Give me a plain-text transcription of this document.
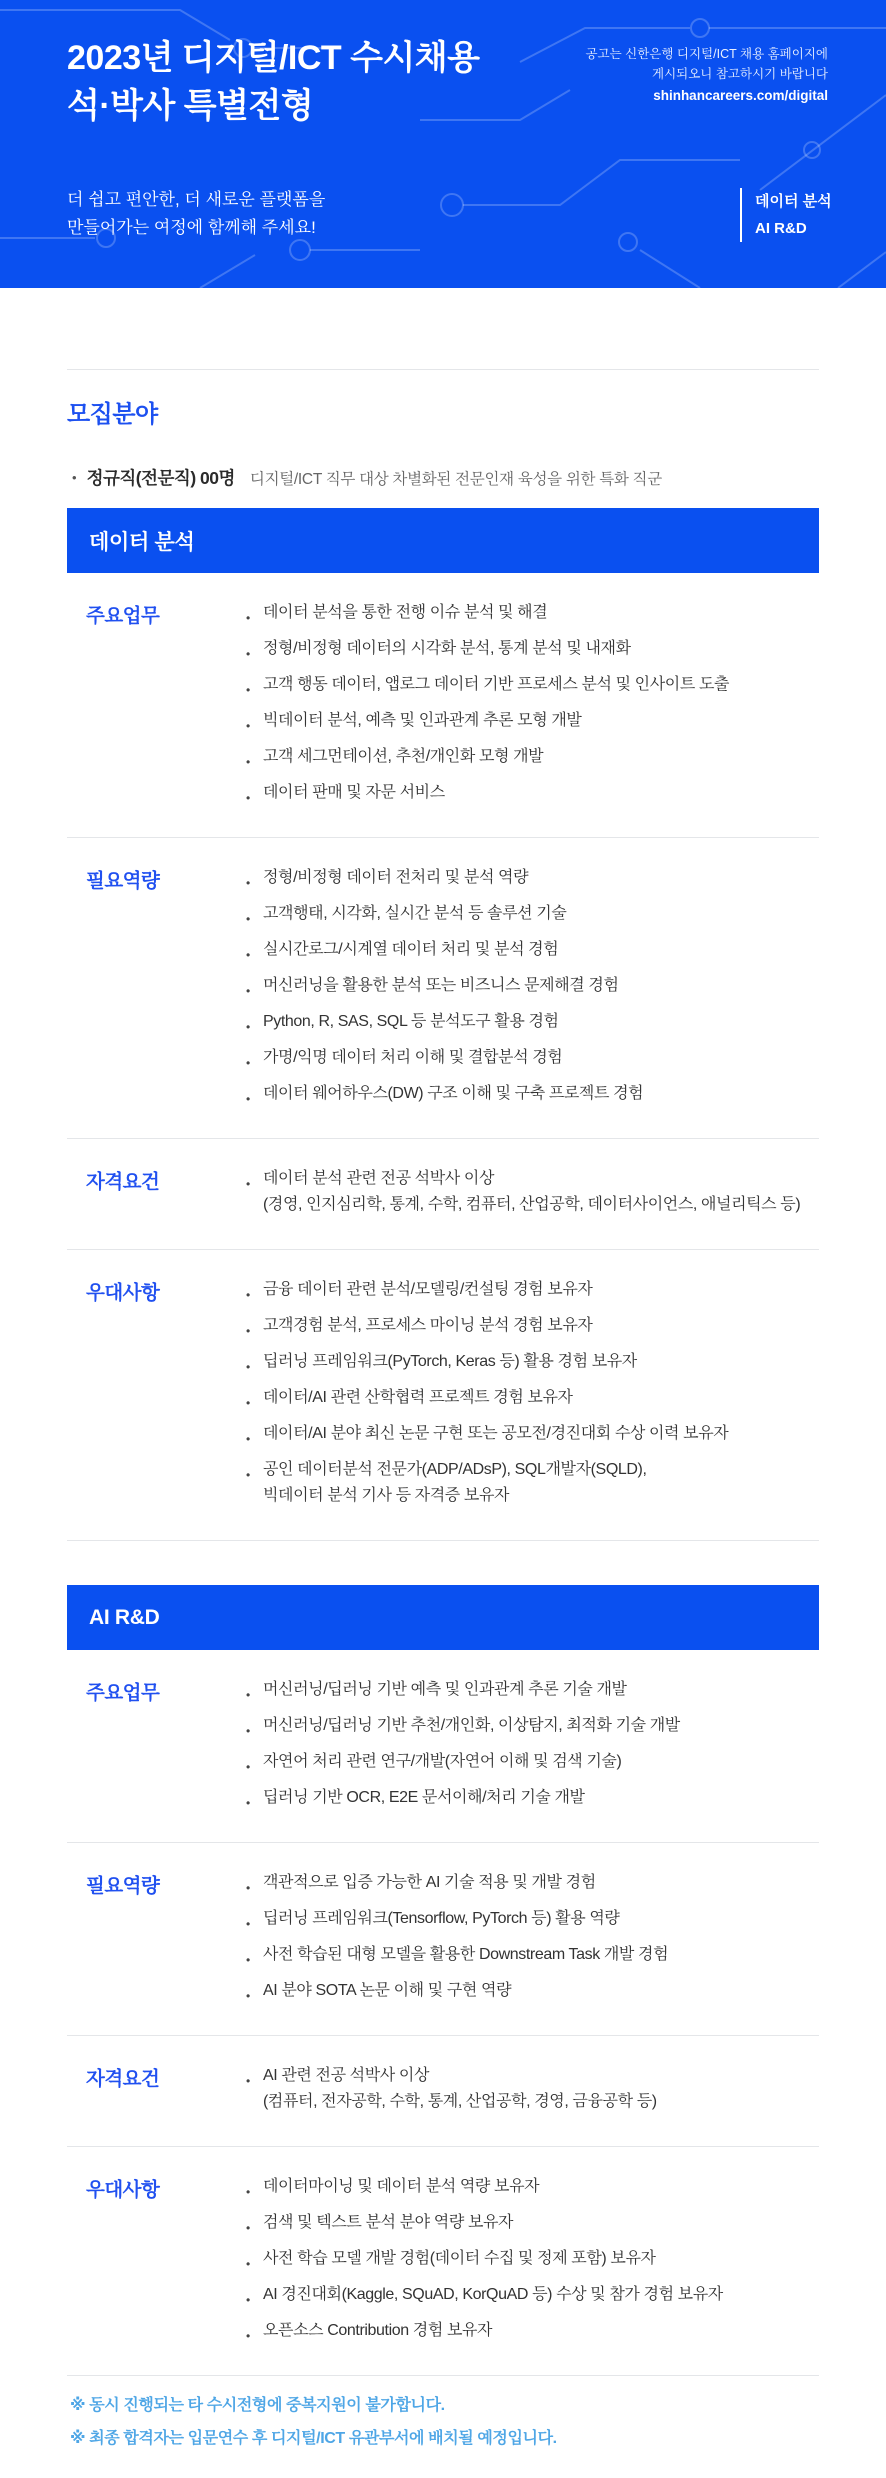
2023년 디지털/ICT 수시채용
석·박사 특별전형
공고는 신한은행 디지털/ICT 채용 홈페이지에
게시되오니 참고하시기 바랍니다
shinhancareers.com/digital
더 쉽고 편안한, 더 새로운 플랫폼을
만들어가는 여정에 함께해 주세요!
데이터 분석
AI R&D
모집분야
• 정규직(전문직) 00명 디지털/ICT 직무 대상 차별화된 전문인재 육성을 위한 특화 직군
데이터 분석
주요업무	• 데이터 분석을 통한 전행 이슈 분석 및 해결
• 정형/비정형 데이터의 시각화 분석, 통계 분석 및 내재화
• 고객 행동 데이터, 앱로그 데이터 기반 프로세스 분석 및 인사이트 도출
• 빅데이터 분석, 예측 및 인과관계 추론 모형 개발
• 고객 세그먼테이션, 추천/개인화 모형 개발
• 데이터 판매 및 자문 서비스
필요역량	• 정형/비정형 데이터 전처리 및 분석 역량
• 고객행태, 시각화, 실시간 분석 등 솔루션 기술
• 실시간로그/시계열 데이터 처리 및 분석 경험
• 머신러닝을 활용한 분석 또는 비즈니스 문제해결 경험
• Python, R, SAS, SQL 등 분석도구 활용 경험
• 가명/익명 데이터 처리 이해 및 결합분석 경험
• 데이터 웨어하우스(DW) 구조 이해 및 구축 프로젝트 경험
자격요건	• 데이터 분석 관련 전공 석박사 이상
(경영, 인지심리학, 통계, 수학, 컴퓨터, 산업공학, 데이터사이언스, 애널리틱스 등)
우대사항	• 금융 데이터 관련 분석/모델링/컨설팅 경험 보유자
• 고객경험 분석, 프로세스 마이닝 분석 경험 보유자
• 딥러닝 프레임워크(PyTorch, Keras 등) 활용 경험 보유자
• 데이터/AI 관련 산학협력 프로젝트 경험 보유자
• 데이터/AI 분야 최신 논문 구현 또는 공모전/경진대회 수상 이력 보유자
• 공인 데이터분석 전문가(ADP/ADsP), SQL개발자(SQLD),
빅데이터 분석 기사 등 자격증 보유자
AI R&D
주요업무	• 머신러닝/딥러닝 기반 예측 및 인과관계 추론 기술 개발
• 머신러닝/딥러닝 기반 추천/개인화, 이상탐지, 최적화 기술 개발
• 자연어 처리 관련 연구/개발(자연어 이해 및 검색 기술)
• 딥러닝 기반 OCR, E2E 문서이해/처리 기술 개발
필요역량	• 객관적으로 입증 가능한 AI 기술 적용 및 개발 경험
• 딥러닝 프레임워크(Tensorflow, PyTorch 등) 활용 역량
• 사전 학습된 대형 모델을 활용한 Downstream Task 개발 경험
• AI 분야 SOTA 논문 이해 및 구현 역량
자격요건	• AI 관련 전공 석박사 이상
(컴퓨터, 전자공학, 수학, 통계, 산업공학, 경영, 금융공학 등)
우대사항	• 데이터마이닝 및 데이터 분석 역량 보유자
• 검색 및 텍스트 분석 분야 역량 보유자
• 사전 학습 모델 개발 경험(데이터 수집 및 정제 포함) 보유자
• AI 경진대회(Kaggle, SQuAD, KorQuAD 등) 수상 및 참가 경험 보유자
• 오픈소스 Contribution 경험 보유자

※ 동시 진행되는 타 수시전형에 중복지원이 불가합니다.

※ 최종 합격자는 입문연수 후 디지털/ICT 유관부서에 배치될 예정입니다.
